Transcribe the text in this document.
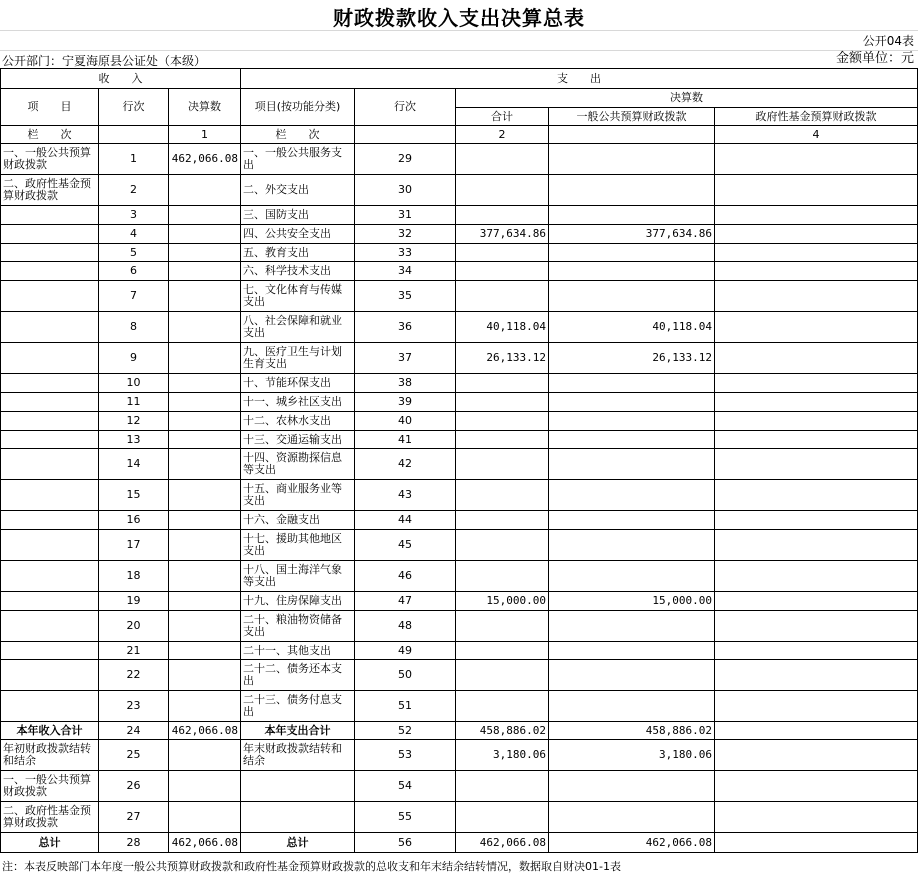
财政拨款收入支出决算总表
公开04表
公开部门：宁夏海原县公证处（本级）	金额单位：元
收　　入			支　　出				
项　　目	行次	决算数	项目(按功能分类)	行次	决算数		
					合计	一般公共预算财政拨款	政府性基金预算财政拨款
栏　　次		1	栏　　次		2		4
一、一般公共预算财政拨款	1	462,066.08	一、一般公共服务支出	29			
二、政府性基金预算财政拨款	2		二、外交支出	30			
	3		三、国防支出	31			
	4		四、公共安全支出	32	377,634.86	377,634.86	
	5		五、教育支出	33			
	6		六、科学技术支出	34			
	7		七、文化体育与传媒支出	35			
	8		八、社会保障和就业支出	36	40,118.04	40,118.04	
	9		九、医疗卫生与计划生育支出	37	26,133.12	26,133.12	
	10		十、节能环保支出	38			
	11		十一、城乡社区支出	39			
	12		十二、农林水支出	40			
	13		十三、交通运输支出	41			
	14		十四、资源勘探信息等支出	42			
	15		十五、商业服务业等支出	43			
	16		十六、金融支出	44			
	17		十七、援助其他地区支出	45			
	18		十八、国土海洋气象等支出	46			
	19		十九、住房保障支出	47	15,000.00	15,000.00	
	20		二十、粮油物资储备支出	48			
	21		二十一、其他支出	49			
	22		二十二、债务还本支出	50			
	23		二十三、债务付息支出	51			
本年收入合计	24	462,066.08	本年支出合计	52	458,886.02	458,886.02	
年初财政拨款结转和结余	25		年末财政拨款结转和结余	53	3,180.06	3,180.06	
一、一般公共预算财政拨款	26			54			
二、政府性基金预算财政拨款	27			55			
总计	28	462,066.08	总计	56	462,066.08	462,066.08	
注：本表反映部门本年度一般公共预算财政拨款和政府性基金预算财政拨款的总收支和年末结余结转情况，数据取自财决01-1表
